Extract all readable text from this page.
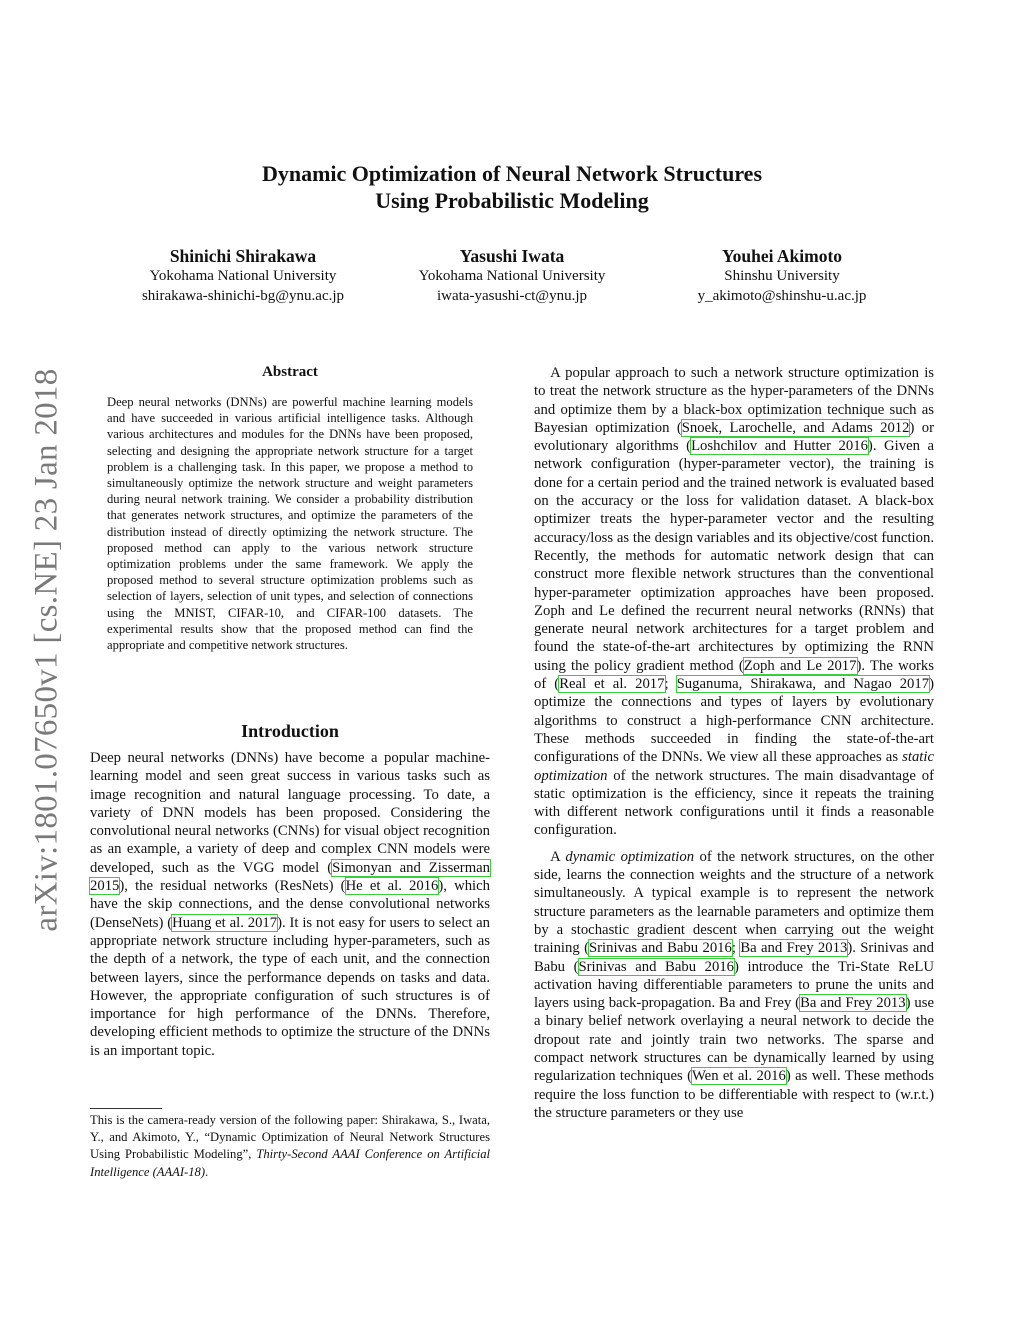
arXiv:1801.07650v1 [cs.NE] 23 Jan 2018
Dynamic Optimization of Neural Network Structures
Using Probabilistic Modeling
Shinichi Shirakawa
Yokohama National University
shirakawa-shinichi-bg@ynu.ac.jp
Yasushi Iwata
Yokohama National University
iwata-yasushi-ct@ynu.jp
Youhei Akimoto
Shinshu University
y_akimoto@shinshu-u.ac.jp
Abstract
Deep neural networks (DNNs) are powerful machine learning models and have succeeded in various artificial intelligence tasks. Although various architectures and modules for the DNNs have been proposed, selecting and designing the appropriate network structure for a target problem is a challenging task. In this paper, we propose a method to simultaneously optimize the network structure and weight parameters during neural network training. We consider a probability distribution that generates network structures, and optimize the parameters of the distribution instead of directly optimizing the network structure. The proposed method can apply to the various network structure optimization problems under the same framework. We apply the proposed method to several structure optimization problems such as selection of layers, selection of unit types, and selection of connections using the MNIST, CIFAR-10, and CIFAR-100 datasets. The experimental results show that the proposed method can find the appropriate and competitive network structures.
Introduction
Deep neural networks (DNNs) have become a popular machine-learning model and seen great success in various tasks such as image recognition and natural language processing. To date, a variety of DNN models has been proposed. Considering the convolutional neural networks (CNNs) for visual object recognition as an example, a variety of deep and complex CNN models were developed, such as the VGG model (Simonyan and Zisserman 2015), the residual networks (ResNets) (He et al. 2016), which have the skip connections, and the dense convolutional networks (DenseNets) (Huang et al. 2017). It is not easy for users to select an appropriate network structure including hyper-parameters, such as the depth of a network, the type of each unit, and the connection between layers, since the performance depends on tasks and data. However, the appropriate configuration of such structures is of importance for high performance of the DNNs. Therefore, developing efficient methods to optimize the structure of the DNNs is an important topic.
This is the camera-ready version of the following paper: Shirakawa, S., Iwata, Y., and Akimoto, Y., “Dynamic Optimization of Neural Network Structures Using Probabilistic Modeling”, Thirty-Second AAAI Conference on Artificial Intelligence (AAAI-18).

A popular approach to such a network structure optimization is to treat the network structure as the hyper-parameters of the DNNs and optimize them by a black-box optimization technique such as Bayesian optimization (Snoek, Larochelle, and Adams 2012) or evolutionary algorithms (Loshchilov and Hutter 2016). Given a network configuration (hyper-parameter vector), the training is done for a certain period and the trained network is evaluated based on the accuracy or the loss for validation dataset. A black-box optimizer treats the hyper-parameter vector and the resulting accuracy/loss as the design variables and its objective/cost function. Recently, the methods for automatic network design that can construct more flexible network structures than the conventional hyper-parameter optimization approaches have been proposed. Zoph and Le defined the recurrent neural networks (RNNs) that generate neural network architectures for a target problem and found the state-of-the-art architectures by optimizing the RNN using the policy gradient method (Zoph and Le 2017). The works of (Real et al. 2017; Suganuma, Shirakawa, and Nagao 2017) optimize the connections and types of layers by evolutionary algorithms to construct a high-performance CNN architecture. These methods succeeded in finding the state-of-the-art configurations of the DNNs. We view all these approaches as static optimization of the network structures. The main disadvantage of static optimization is the efficiency, since it repeats the training with different network configurations until it finds a reasonable configuration.

A dynamic optimization of the network structures, on the other side, learns the connection weights and the structure of a network simultaneously. A typical example is to represent the network structure parameters as the learnable parameters and optimize them by a stochastic gradient descent when carrying out the weight training (Srinivas and Babu 2016; Ba and Frey 2013). Srinivas and Babu (Srinivas and Babu 2016) introduce the Tri-State ReLU activation having differentiable parameters to prune the units and layers using back-propagation. Ba and Frey (Ba and Frey 2013) use a binary belief network overlaying a neural network to decide the dropout rate and jointly train two networks. The sparse and compact network structures can be dynamically learned by using regularization techniques (Wen et al. 2016) as well. These methods require the loss function to be differentiable with respect to (w.r.t.) the structure parameters or they use
